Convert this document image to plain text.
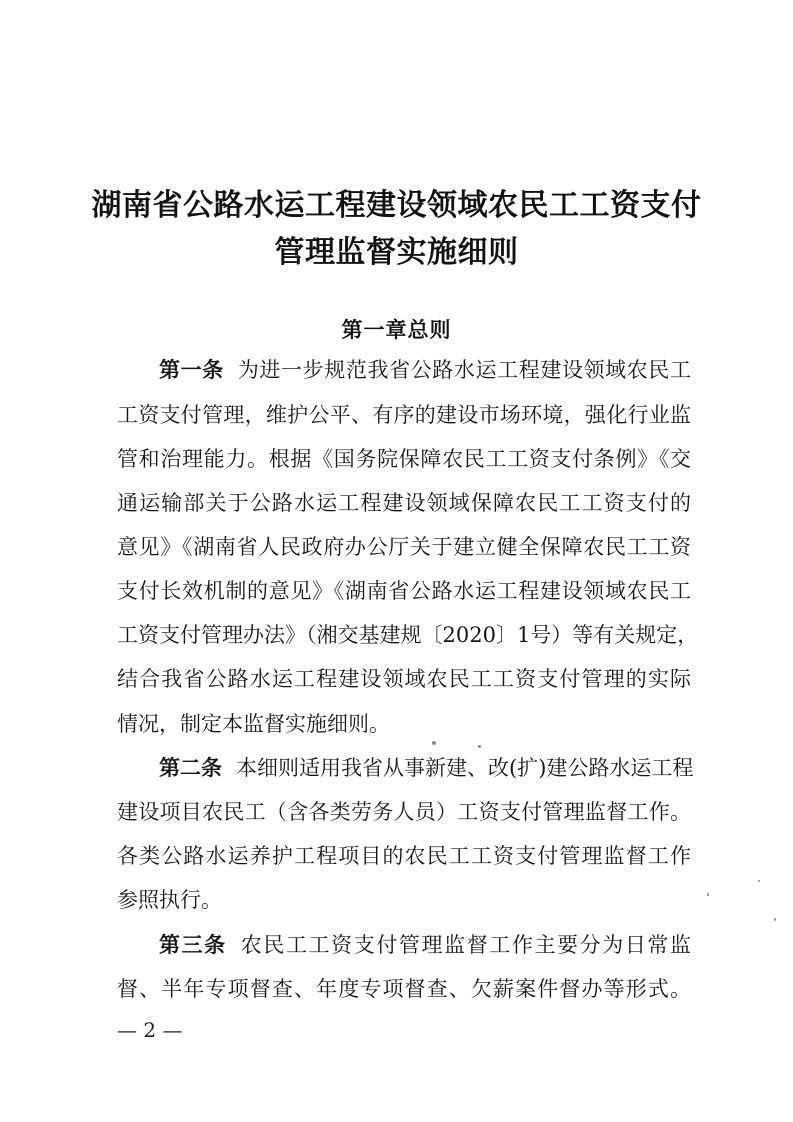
湖南省公路水运工程建设领域农民工工资支付
管理监督实施细则
第一章总则
第一条 为进一步规范我省公路水运工程建设领域农民工
工资支付管理，维护公平、有序的建设市场环境，强化行业监
管和治理能力。根据《国务院保障农民工工资支付条例》《交
通运输部关于公路水运工程建设领域保障农民工工资支付的
意见》《湖南省人民政府办公厅关于建立健全保障农民工工资
支付长效机制的意见》《湖南省公路水运工程建设领域农民工
工资支付管理办法》（湘交基建规〔2020〕1号）等有关规定，
结合我省公路水运工程建设领域农民工工资支付管理的实际
情况，制定本监督实施细则。
第二条 本细则适用我省从事新建、改(扩)建公路水运工程
建设项目农民工（含各类劳务人员）工资支付管理监督工作。
各类公路水运养护工程项目的农民工工资支付管理监督工作
参照执行。
第三条 农民工工资支付管理监督工作主要分为日常监
督、半年专项督查、年度专项督查、欠薪案件督办等形式。
— 2 —
